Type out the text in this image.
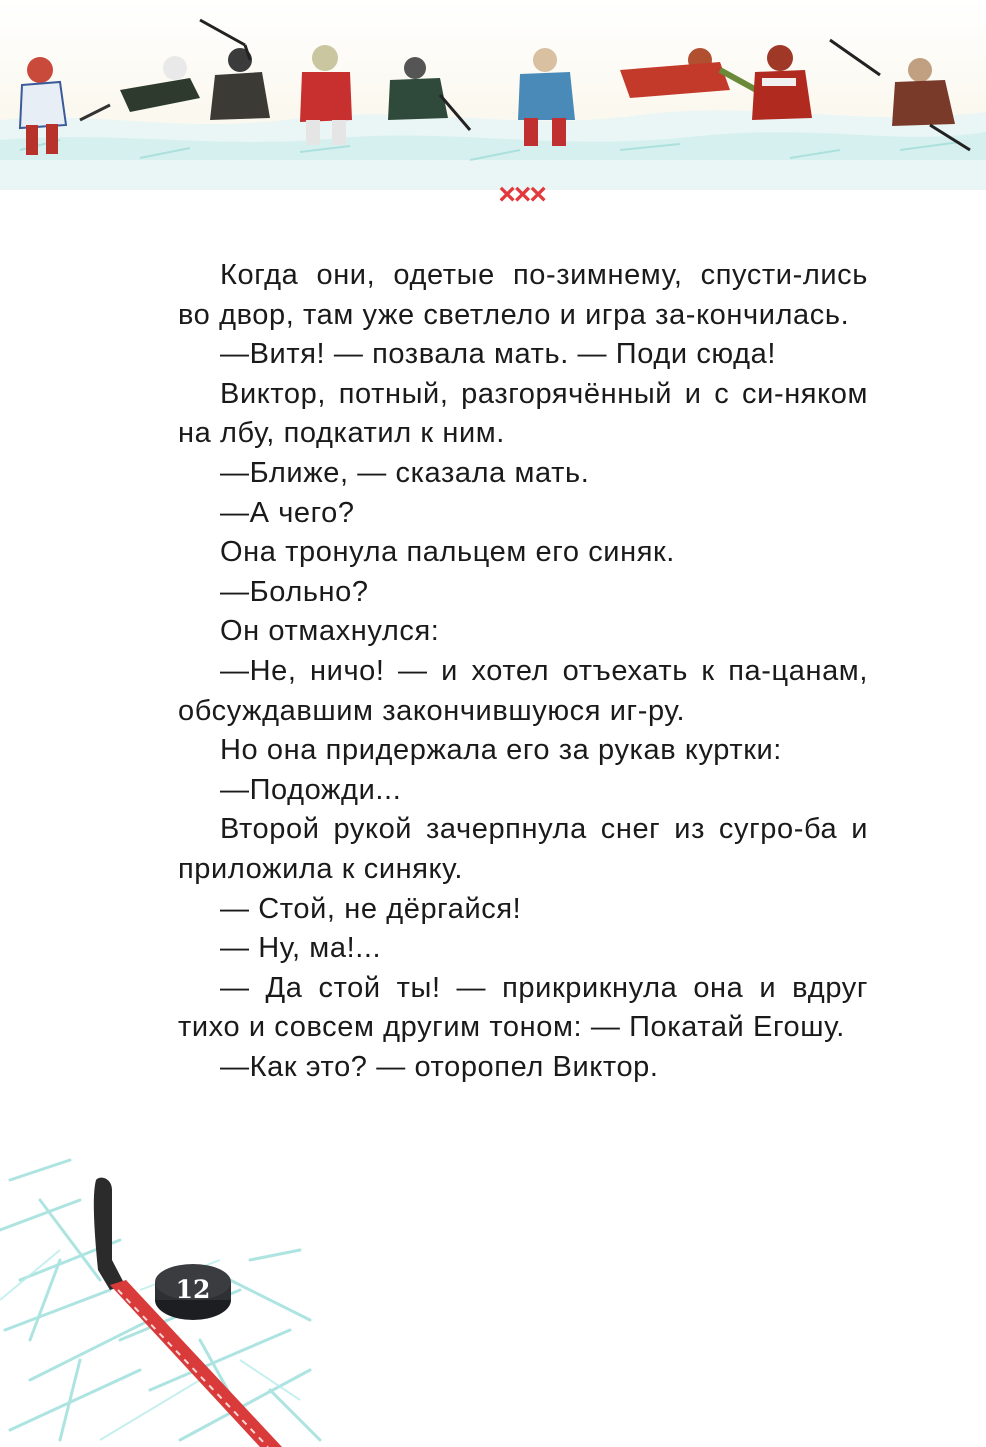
×××

Когда они, одетые по-зимнему, спусти-лись во двор, там уже светлело и игра за-кончилась.

—Витя! — позвала мать. — Поди сюда!

Виктор, потный, разгорячённый и с си-няком на лбу, подкатил к ним.

—Ближе, — сказала мать.

—А чего?

Она тронула пальцем его синяк.

—Больно?

Он отмахнулся:

—Не, ничо! — и хотел отъехать к па-цанам, обсуждавшим закончившуюся иг-ру.

Но она придержала его за рукав куртки:

—Подожди...

Второй рукой зачерпнула снег из сугро-ба и приложила к синяку.

— Стой, не дёргайся!

— Ну, ма!...

— Да стой ты! — прикрикнула она и вдруг тихо и совсем другим тоном: — Покатай Егошу.

—Как это? — оторопел Виктор.

12
